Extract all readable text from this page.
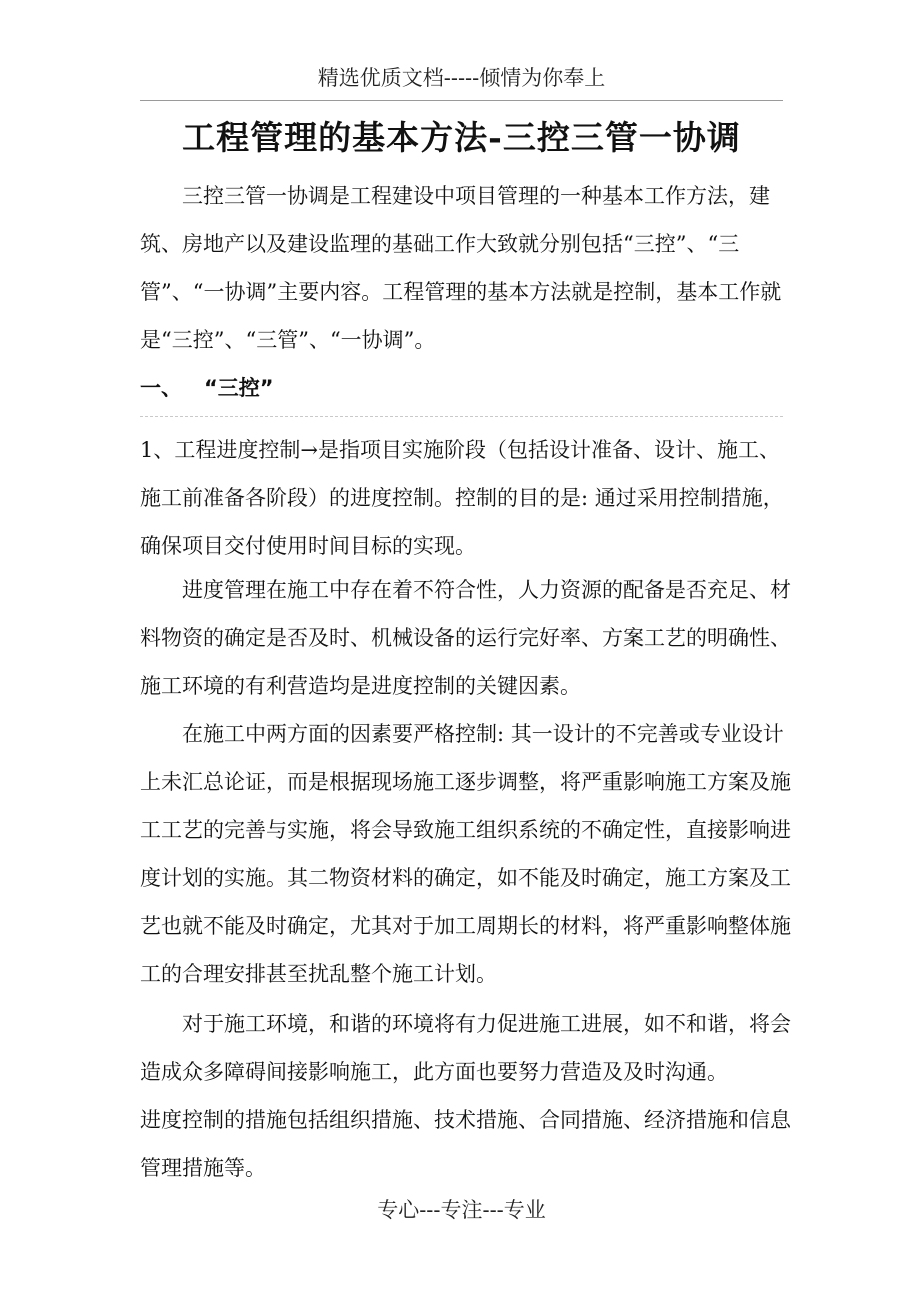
精选优质文档-----倾情为你奉上
工程管理的基本方法-三控三管一协调

三控三管一协调是工程建设中项目管理的一种基本工作方法，建筑、房地产以及建设监理的基础工作大致就分别包括“三控”、“三管”、“一协调”主要内容。工程管理的基本方法就是控制，基本工作就是“三控”、“三管”、“一协调”。

一、 “三控”

1、工程进度控制→是指项目实施阶段（包括设计准备、设计、施工、施工前准备各阶段）的进度控制。控制的目的是: 通过采用控制措施，确保项目交付使用时间目标的实现。

进度管理在施工中存在着不符合性，人力资源的配备是否充足、材料物资的确定是否及时、机械设备的运行完好率、方案工艺的明确性、施工环境的有利营造均是进度控制的关键因素。

在施工中两方面的因素要严格控制: 其一设计的不完善或专业设计上未汇总论证，而是根据现场施工逐步调整，将严重影响施工方案及施工工艺的完善与实施，将会导致施工组织系统的不确定性，直接影响进度计划的实施。其二物资材料的确定，如不能及时确定，施工方案及工艺也就不能及时确定，尤其对于加工周期长的材料，将严重影响整体施工的合理安排甚至扰乱整个施工计划。

对于施工环境，和谐的环境将有力促进施工进展，如不和谐，将会造成众多障碍间接影响施工，此方面也要努力营造及及时沟通。

进度控制的措施包括组织措施、技术措施、合同措施、经济措施和信息管理措施等。

专心---专注---专业
